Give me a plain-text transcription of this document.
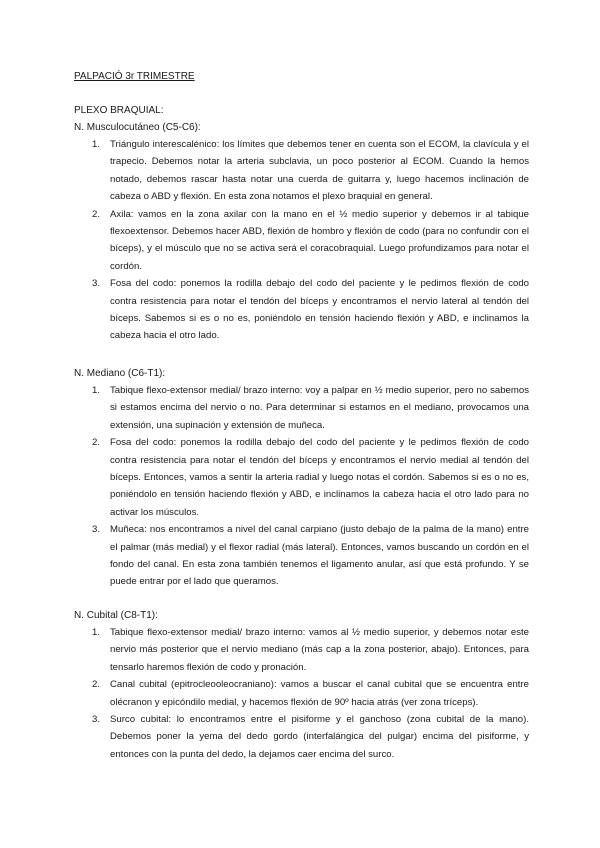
PALPACIÓ 3r TRIMESTRE

PLEXO BRAQUIAL:

N. Musculocutáneo (C5-C6):

1. Triángulo interescalénico: los límites que debemos tener en cuenta son el ECOM, la clavícula y el trapecio. Debemos notar la arteria subclavia, un poco posterior al ECOM. Cuando la hemos notado, debemos rascar hasta notar una cuerda de guitarra y, luego hacemos inclinación de cabeza o ABD y flexión. En esta zona notamos el plexo braquial en general.
2. Axila: vamos en la zona axilar con la mano en el ½ medio superior y debemos ir al tabique flexoextensor. Debemos hacer ABD, flexión de hombro y flexión de codo (para no confundir con el bíceps), y el músculo que no se activa será el coracobraquial. Luego profundizamos para notar el cordón.
3. Fosa del codo: ponemos la rodilla debajo del codo del paciente y le pedimos flexión de codo contra resistencia para notar el tendón del bíceps y encontramos el nervio lateral al tendón del bíceps. Sabemos si es o no es, poniéndolo en tensión haciendo flexión y ABD, e inclinamos la cabeza hacia el otro lado.

N. Mediano (C6-T1):

1. Tabique flexo-extensor medial/ brazo interno: voy a palpar en ½ medio superior, pero no sabemos si estamos encima del nervio o no. Para determinar si estamos en el mediano, provocamos una extensión, una supinación y extensión de muñeca.
2. Fosa del codo: ponemos la rodilla debajo del codo del paciente y le pedimos flexión de codo contra resistencia para notar el tendón del bíceps y encontramos el nervio medial al tendón del bíceps. Entonces, vamos a sentir la arteria radial y luego notas el cordón. Sabemos si es o no es, poniéndolo en tensión haciendo flexión y ABD, e inclinamos la cabeza hacia el otro lado para no activar los músculos.
3. Muñeca: nos encontramos a nivel del canal carpiano (justo debajo de la palma de la mano) entre el palmar (más medial) y el flexor radial (más lateral). Entonces, vamos buscando un cordón en el fondo del canal. En esta zona también tenemos el ligamento anular, así que está profundo. Y se puede entrar por el lado que queramos.

N. Cubital (C8-T1):

1. Tabique flexo-extensor medial/ brazo interno: vamos al ½ medio superior, y debemos notar este nervio más posterior que el nervio mediano (más cap a la zona posterior, abajo). Entonces, para tensarlo haremos flexión de codo y pronación.
2. Canal cubital (epitrocleooleocraniano): vamos a buscar el canal cubital que se encuentra entre olécranon y epicóndilo medial, y hacemos flexión de 90º hacia atrás (ver zona tríceps).
3. Surco cubital: lo encontramos entre el pisiforme y el ganchoso (zona cubital de la mano). Debemos poner la yema del dedo gordo (interfalángica del pulgar) encima del pisiforme, y entonces con la punta del dedo, la dejamos caer encima del surco.
